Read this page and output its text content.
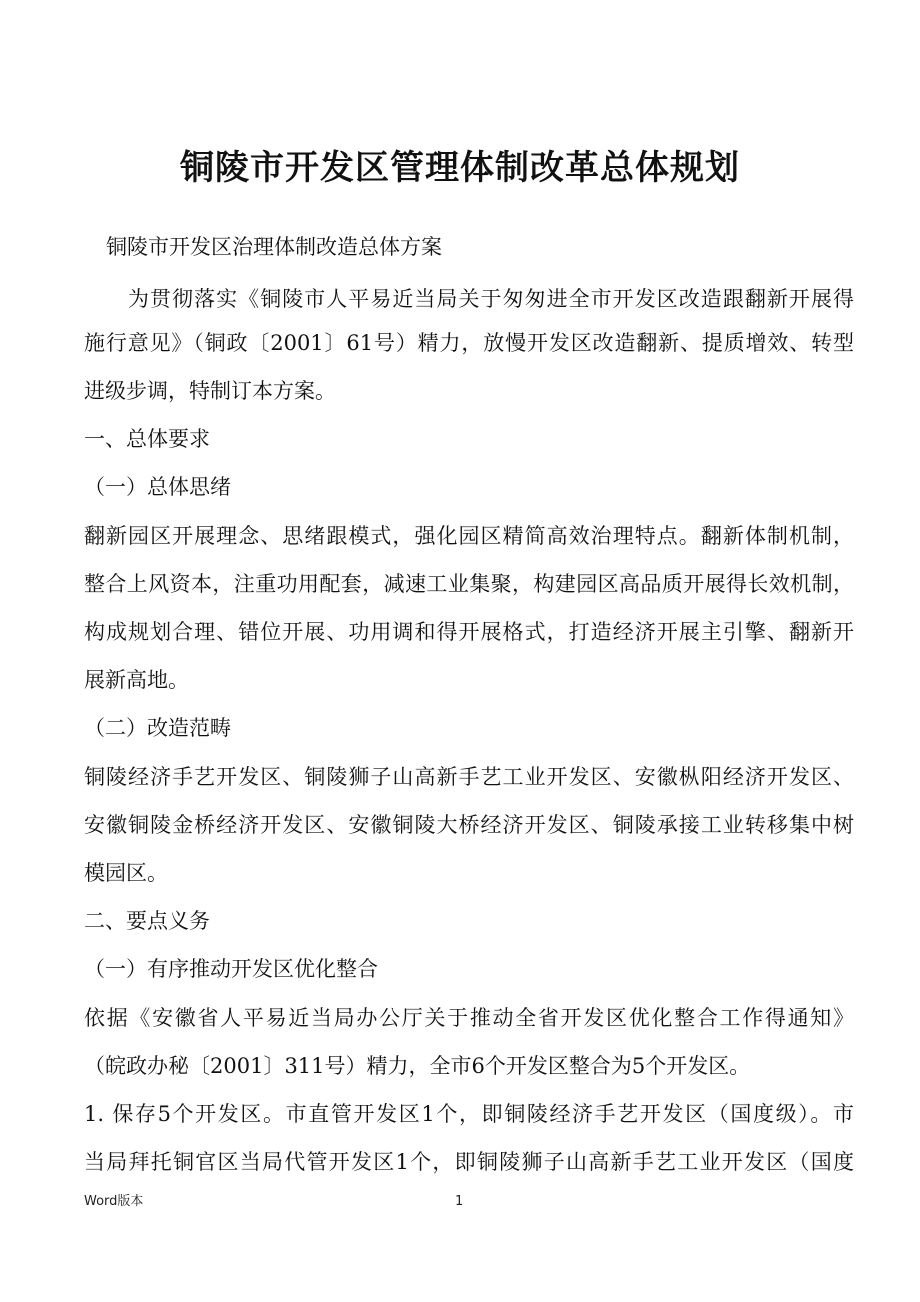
铜陵市开发区管理体制改革总体规划
铜陵市开发区治理体制改造总体方案
为贯彻落实《铜陵市人平易近当局关于匆匆进全市开发区改造跟翻新开展得
施行意见》（铜政〔2001〕61号）精力，放慢开发区改造翻新、提质增效、转型
进级步调，特制订本方案。
一、总体要求
（一）总体思绪
翻新园区开展理念、思绪跟模式，强化园区精简高效治理特点。翻新体制机制，
整合上风资本，注重功用配套，减速工业集聚，构建园区高品质开展得长效机制，
构成规划合理、错位开展、功用调和得开展格式，打造经济开展主引擎、翻新开
展新高地。
（二）改造范畴
铜陵经济手艺开发区、铜陵狮子山高新手艺工业开发区、安徽枞阳经济开发区、
安徽铜陵金桥经济开发区、安徽铜陵大桥经济开发区、铜陵承接工业转移集中树
模园区。
二、要点义务
（一）有序推动开发区优化整合
依据《安徽省人平易近当局办公厅关于推动全省开发区优化整合工作得通知》
（皖政办秘〔2001〕311号）精力，全市6个开发区整合为5个开发区。
1. 保存5个开发区。市直管开发区1个，即铜陵经济手艺开发区（国度级）。市
当局拜托铜官区当局代管开发区1个，即铜陵狮子山高新手艺工业开发区（国度
Word版本	1
